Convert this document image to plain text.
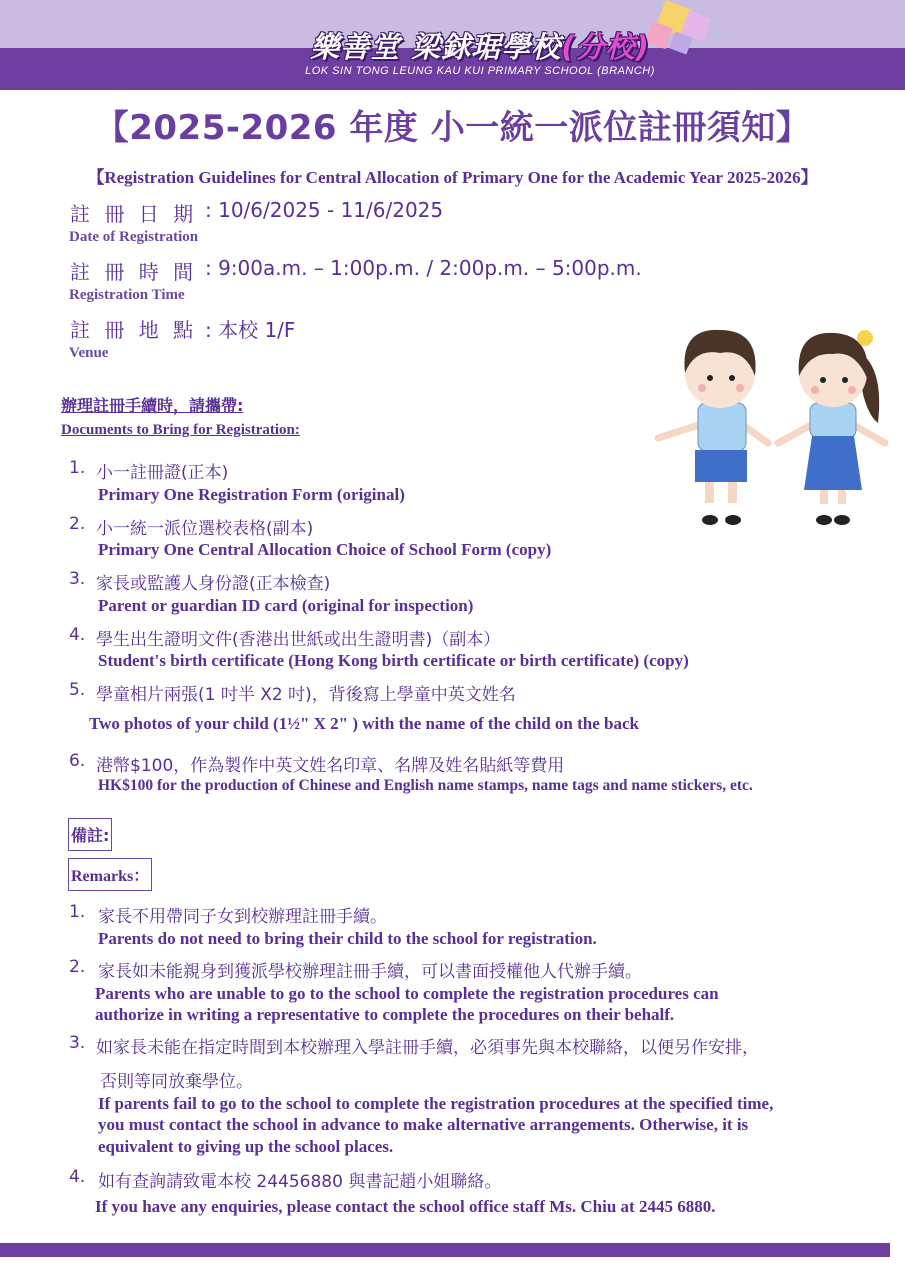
樂善堂 梁銶琚學校(分校)
LOK SIN TONG LEUNG KAU KUI PRIMARY SCHOOL (BRANCH)
【2025-2026 年度 小一統一派位註冊須知】
【Registration Guidelines for Central Allocation of Primary One for the Academic Year 2025-2026】
註 冊 日 期 : 10/6/2025 - 11/6/2025
Date of Registration
註 冊 時 間 : 9:00a.m. – 1:00p.m. / 2:00p.m. – 5:00p.m.
Registration Time
註 冊 地 點 : 本校 1/F
Venue
辦理註冊手續時，請攜帶:
Documents to Bring for Registration:
1. 小一註冊證(正本)
Primary One Registration Form (original)
2. 小一統一派位選校表格(副本)
Primary One Central Allocation Choice of School Form (copy)
3. 家長或監護人身份證(正本檢查)
Parent or guardian ID card (original for inspection)
4. 學生出生證明文件(香港出世紙或出生證明書)（副本）
Student's birth certificate (Hong Kong birth certificate or birth certificate) (copy)
5. 學童相片兩張(1 吋半 X2 吋)，背後寫上學童中英文姓名
Two photos of your child (1½" X 2" ) with the name of the child on the back
6. 港幣$100，作為製作中英文姓名印章、名牌及姓名貼紙等費用
HK$100 for the production of Chinese and English name stamps, name tags and name stickers, etc.
備註:
Remarks：
1. 家長不用帶同子女到校辦理註冊手續。
Parents do not need to bring their child to the school for registration.
2. 家長如未能親身到獲派學校辦理註冊手續，可以書面授權他人代辦手續。
Parents who are unable to go to the school to complete the registration procedures can
authorize in writing a representative to complete the procedures on their behalf.
3. 如家長未能在指定時間到本校辦理入學註冊手續，必須事先與本校聯絡，以便另作安排，
否則等同放棄學位。
If parents fail to go to the school to complete the registration procedures at the specified time,
you must contact the school in advance to make alternative arrangements. Otherwise, it is
equivalent to giving up the school places.
4. 如有查詢請致電本校 24456880 與書記趙小姐聯絡。
If you have any enquiries, please contact the school office staff Ms. Chiu at 2445 6880.
